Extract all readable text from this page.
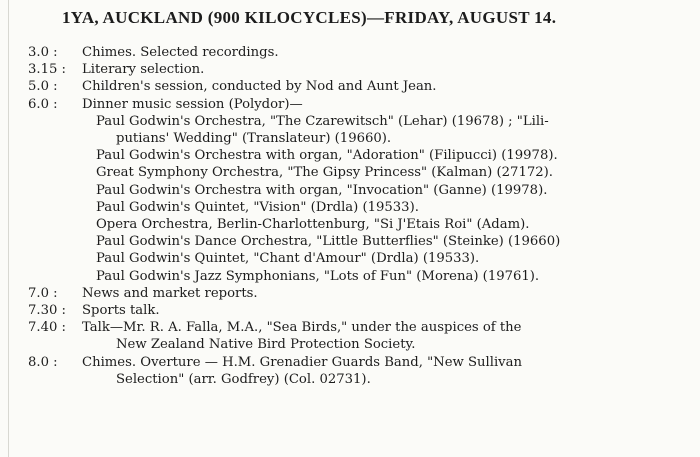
1YA, AUCKLAND (900 KILOCYCLES)—FRIDAY, AUGUST 14.
3.0 :	Chimes. Selected recordings.
3.15 :	Literary selection.
5.0 :	Children's session, conducted by Nod and Aunt Jean.
6.0 :	Dinner music session (Polydor)—
Paul Godwin's Orchestra, "The Czarewitsch" (Lehar) (19678) ; "Lili-
putians' Wedding" (Translateur) (19660).
Paul Godwin's Orchestra with organ, "Adoration" (Filipucci) (19978).
Great Symphony Orchestra, "The Gipsy Princess" (Kalman) (27172).
Paul Godwin's Orchestra with organ, "Invocation" (Ganne) (19978).
Paul Godwin's Quintet, "Vision" (Drdla) (19533).
Opera Orchestra, Berlin-Charlottenburg, "Si J'Etais Roi" (Adam).
Paul Godwin's Dance Orchestra, "Little Butterflies" (Steinke) (19660)
Paul Godwin's Quintet, "Chant d'Amour" (Drdla) (19533).
Paul Godwin's Jazz Symphonians, "Lots of Fun" (Morena) (19761).
7.0 :	News and market reports.
7.30 :	Sports talk.
7.40 :	Talk—Mr. R. A. Falla, M.A., "Sea Birds," under the auspices of the
New Zealand Native Bird Protection Society.
8.0 :	Chimes. Overture — H.M. Grenadier Guards Band, "New Sullivan
Selection" (arr. Godfrey) (Col. 02731).
